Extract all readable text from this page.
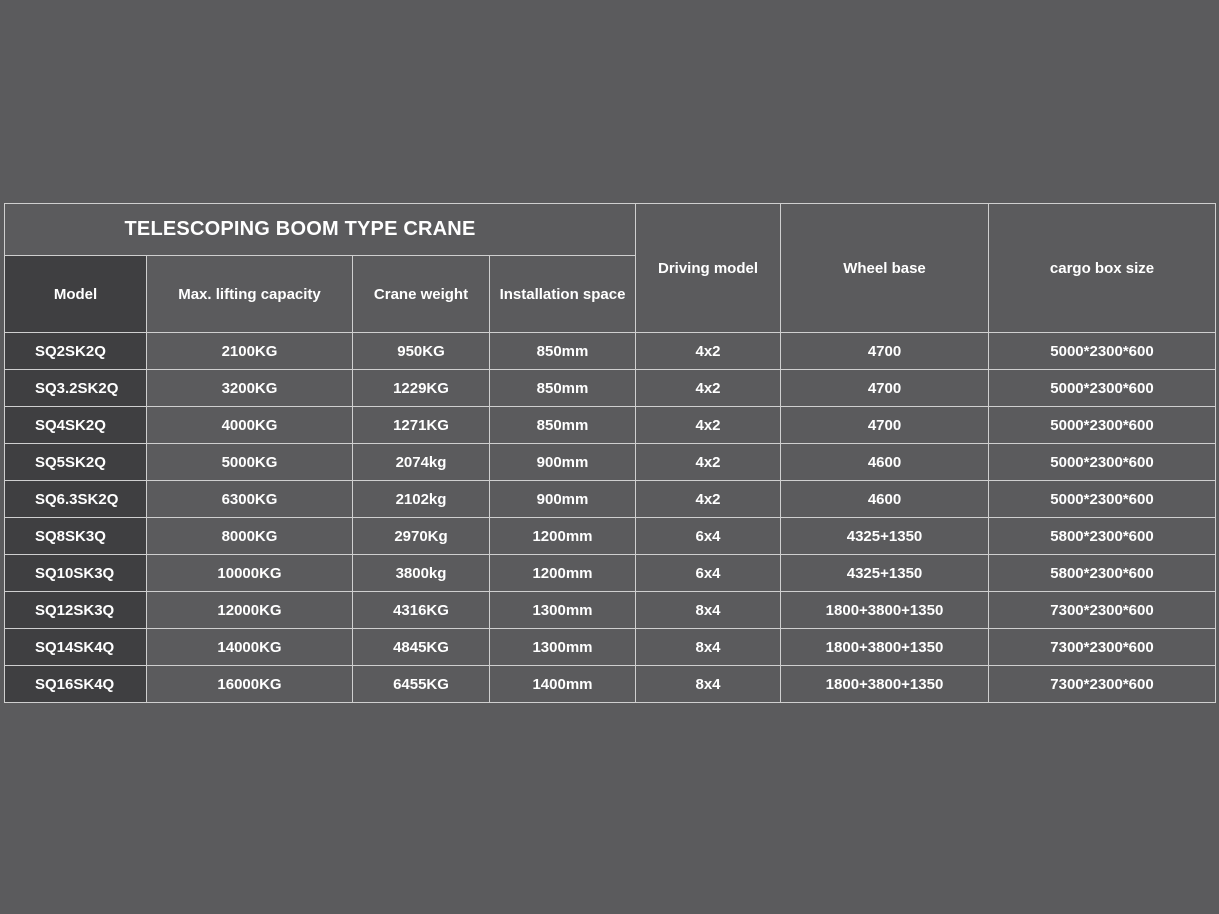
TELESCOPING BOOM TYPE CRANE				Driving model	Wheel base	cargo box size
Model	Max. lifting capacity	Crane weight	Installation space			
SQ2SK2Q	2100KG	950KG	850mm	4x2	4700	5000*2300*600
SQ3.2SK2Q	3200KG	1229KG	850mm	4x2	4700	5000*2300*600
SQ4SK2Q	4000KG	1271KG	850mm	4x2	4700	5000*2300*600
SQ5SK2Q	5000KG	2074kg	900mm	4x2	4600	5000*2300*600
SQ6.3SK2Q	6300KG	2102kg	900mm	4x2	4600	5000*2300*600
SQ8SK3Q	8000KG	2970Kg	1200mm	6x4	4325+1350	5800*2300*600
SQ10SK3Q	10000KG	3800kg	1200mm	6x4	4325+1350	5800*2300*600
SQ12SK3Q	12000KG	4316KG	1300mm	8x4	1800+3800+1350	7300*2300*600
SQ14SK4Q	14000KG	4845KG	1300mm	8x4	1800+3800+1350	7300*2300*600
SQ16SK4Q	16000KG	6455KG	1400mm	8x4	1800+3800+1350	7300*2300*600
